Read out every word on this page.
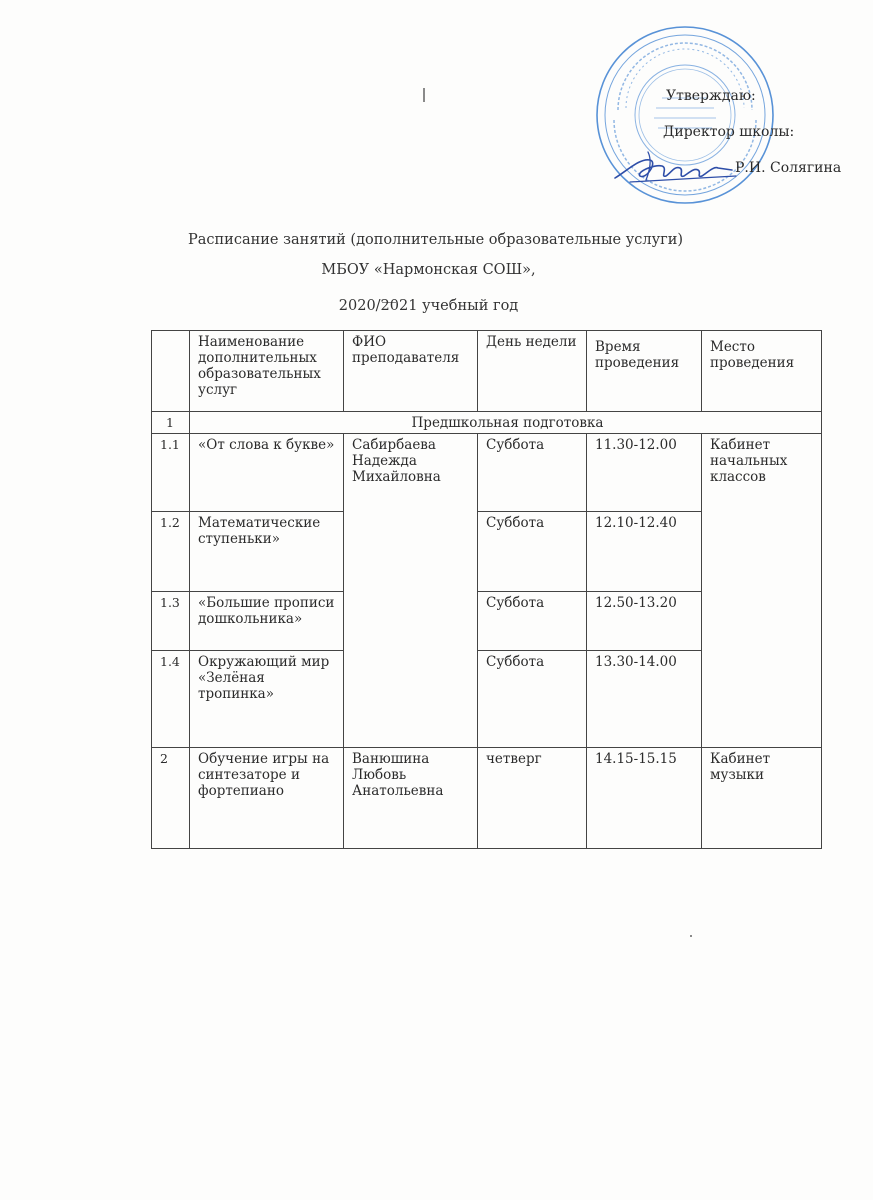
Утверждаю:
Директор школы:
Р.И. Солягина
Расписание занятий (дополнительные образовательные услуги)
МБОУ «Нармонская СОШ»,
2020/2021 учебный год
	Наименование дополнительных образовательных услуг	ФИО преподавателя	День недели	Время проведения	Место проведения
1	Предшкольная подготовка				
1.1	«От слова к букве»	Сабирбаева Надежда Михайловна	Суббота	11.30-12.00	Кабинет начальных классов
1.2	Математические ступеньки»		Суббота	12.10-12.40	
1.3	«Большие прописи дошкольника»		Суббота	12.50-13.20	
1.4	Окружающий мир «Зелёная тропинка»		Суббота	13.30-14.00	
2	Обучение игры на синтезаторе и фортепиано	Ванюшина Любовь Анатольевна	четверг	14.15-15.15	Кабинет музыки
